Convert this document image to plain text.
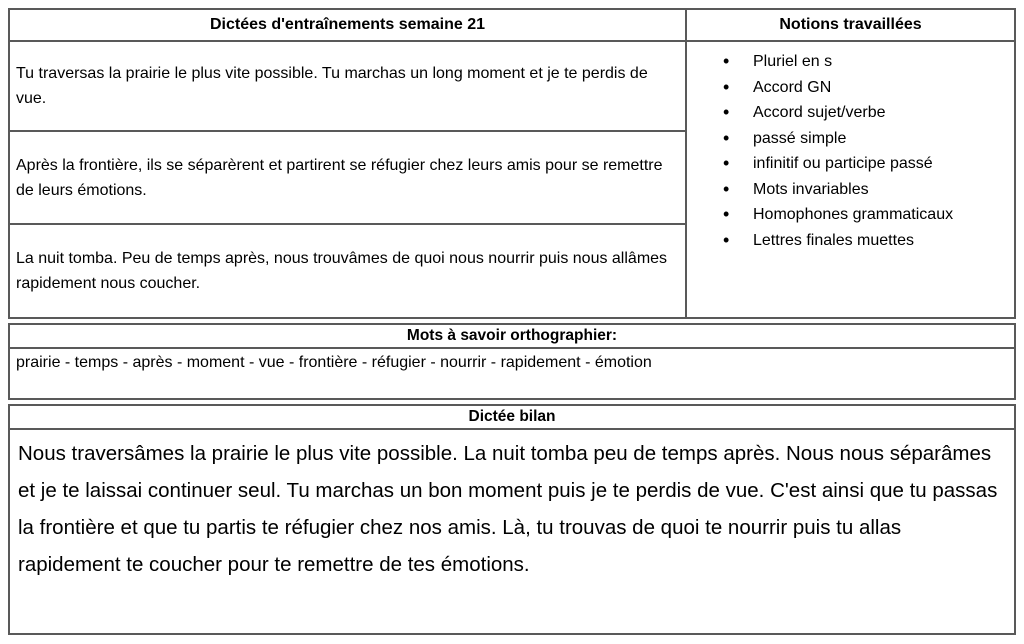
Dictées d'entraînements semaine 21
Tu traversas la prairie le plus vite possible. Tu marchas un long moment et je te perdis de vue.
Après la frontière, ils se séparèrent et partirent se réfugier chez leurs amis pour se remettre de leurs émotions.
La nuit tomba. Peu de temps après, nous trouvâmes de quoi nous nourrir puis nous allâmes rapidement nous coucher.
Notions travaillées
• Pluriel en s
• Accord GN
• Accord sujet/verbe
• passé simple
• infinitif ou participe passé
• Mots invariables
• Homophones grammaticaux
• Lettres finales muettes
Mots à savoir orthographier:
prairie - temps - après - moment - vue - frontière - réfugier - nourrir - rapidement - émotion
Dictée bilan
Nous traversâmes la prairie le plus vite possible. La nuit tomba peu de temps après. Nous nous séparâmes et je te laissai continuer seul. Tu marchas un bon moment puis je te perdis de vue. C'est ainsi que tu passas la frontière et que tu partis te réfugier chez nos amis. Là, tu trouvas de quoi te nourrir puis tu allas rapidement te coucher pour te remettre de tes émotions.
